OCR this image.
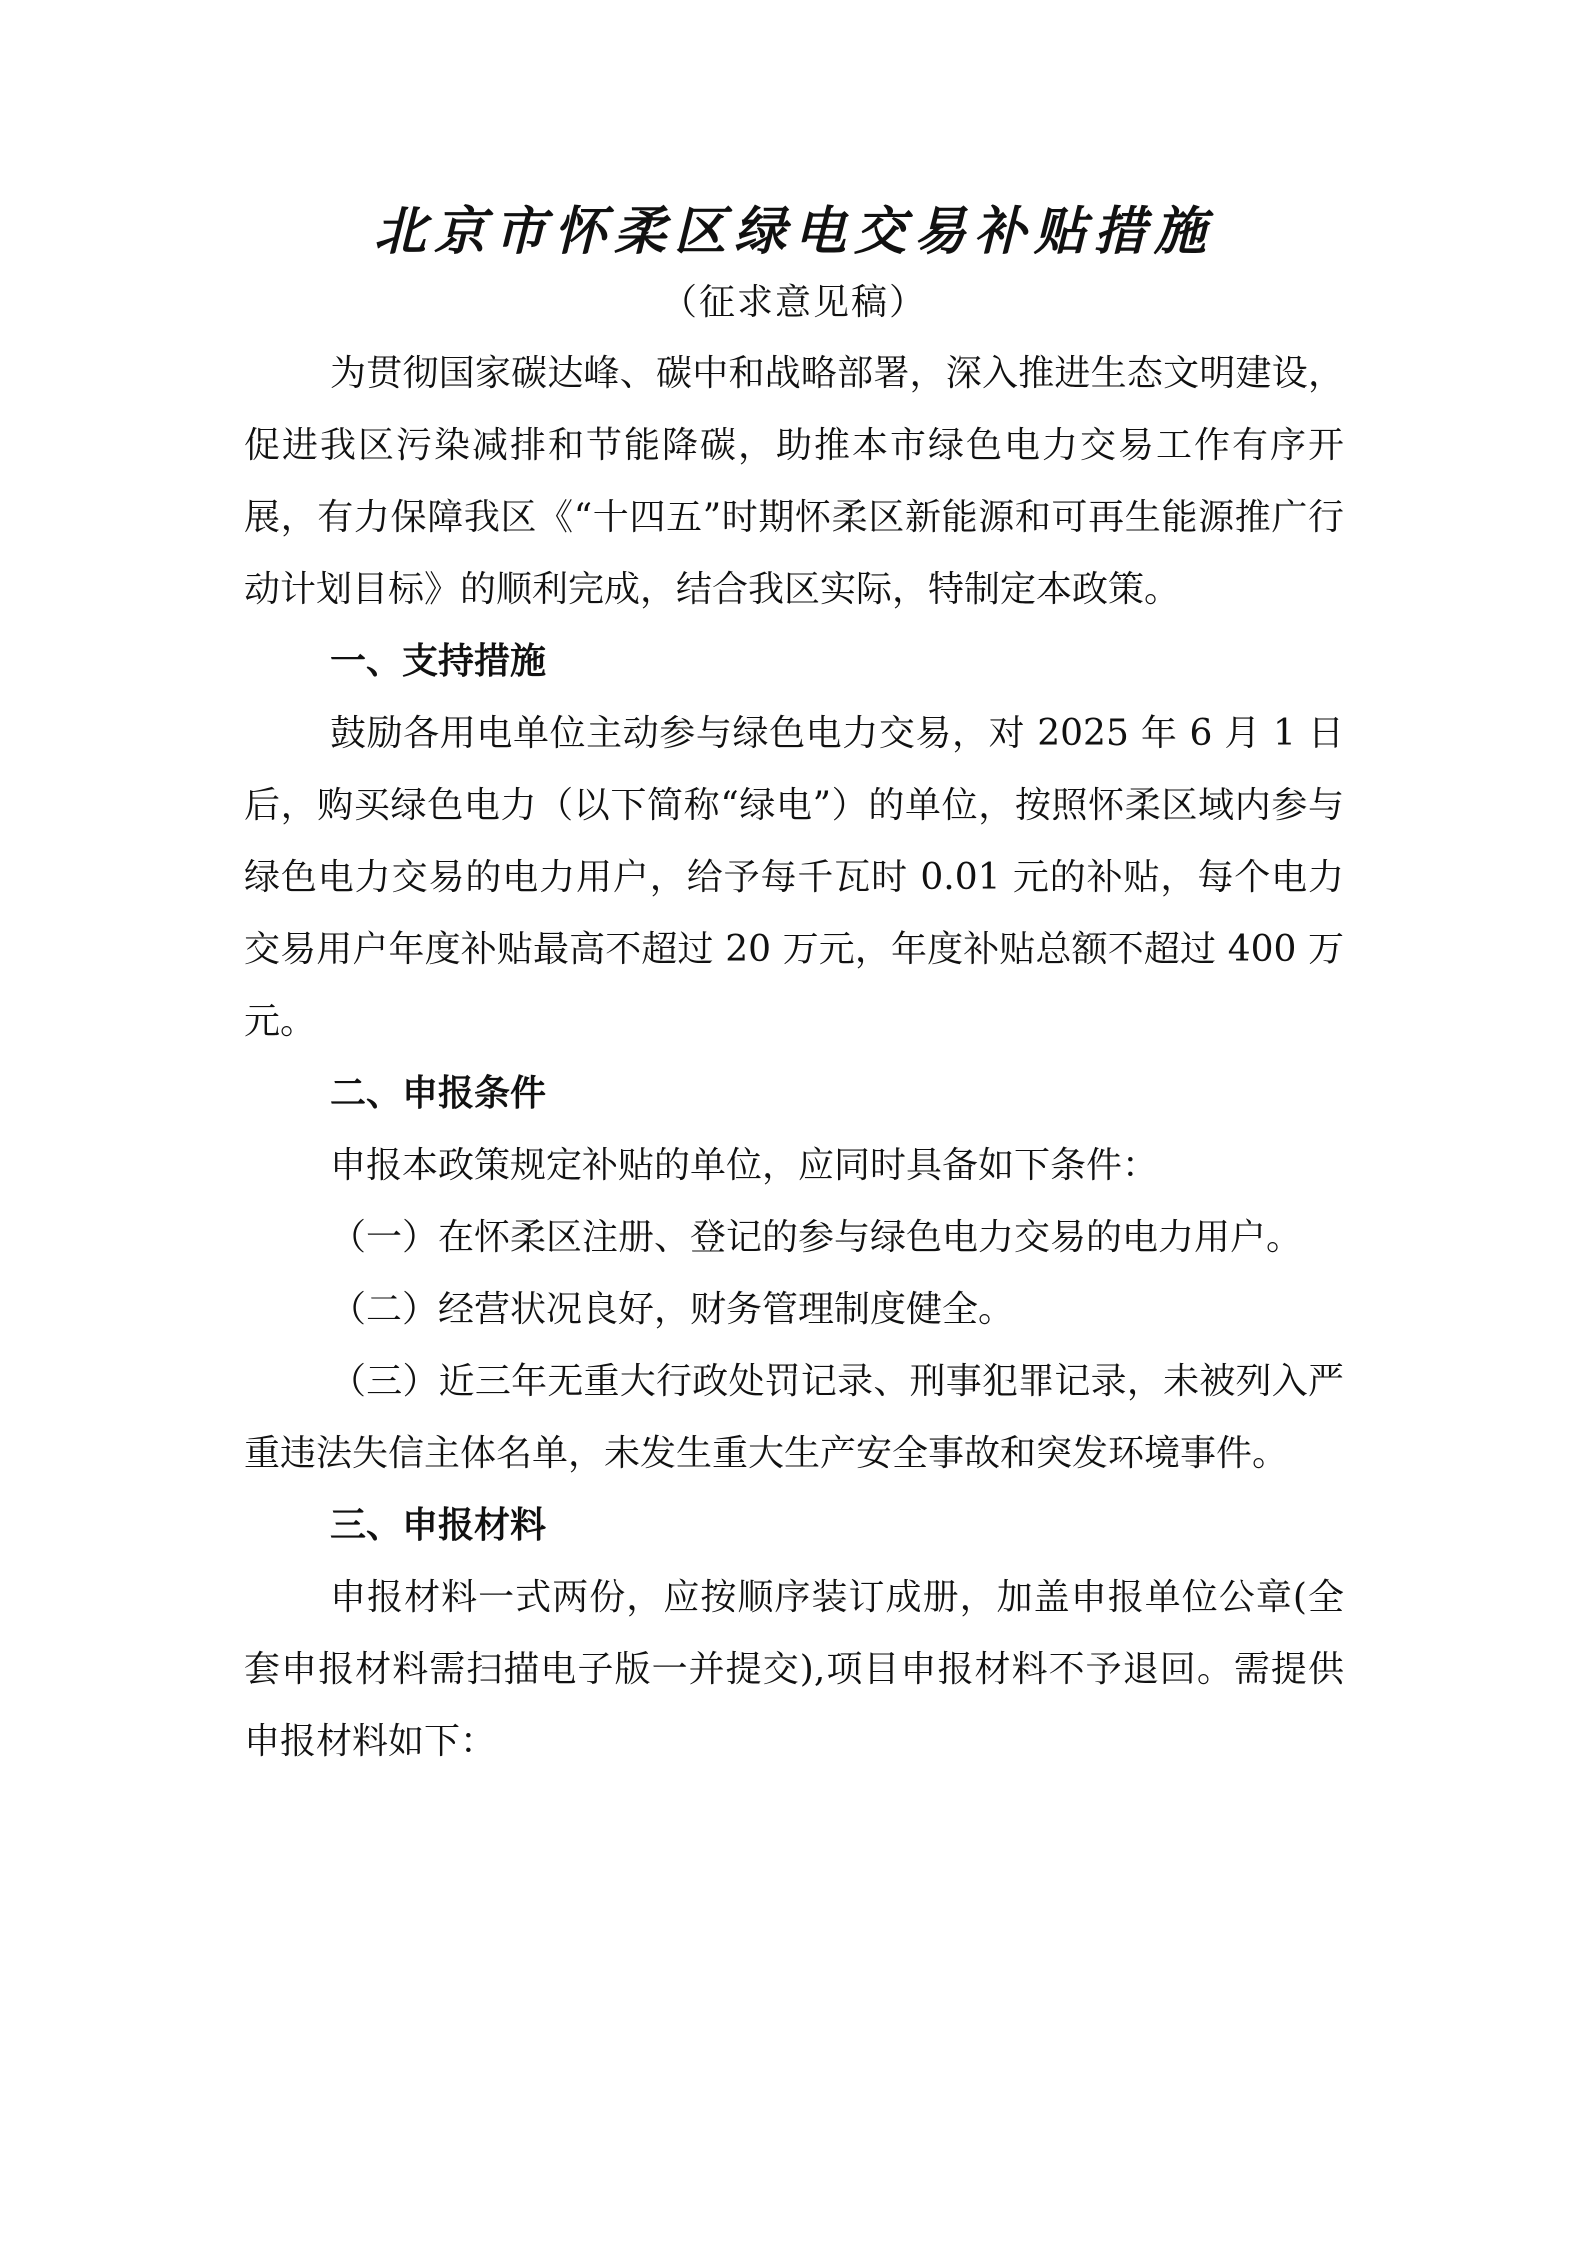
北京市怀柔区绿电交易补贴措施

（征求意见稿）

为贯彻国家碳达峰、碳中和战略部署，深入推进生态文明建设，促进我区污染减排和节能降碳，助推本市绿色电力交易工作有序开展，有力保障我区《“十四五”时期怀柔区新能源和可再生能源推广行动计划目标》的顺利完成，结合我区实际，特制定本政策。

一、支持措施

鼓励各用电单位主动参与绿色电力交易，对 2025 年 6 月 1 日后，购买绿色电力（以下简称“绿电”）的单位，按照怀柔区域内参与绿色电力交易的电力用户，给予每千瓦时 0.01 元的补贴，每个电力交易用户年度补贴最高不超过 20 万元，年度补贴总额不超过 400 万元。

二、申报条件

申报本政策规定补贴的单位，应同时具备如下条件：

（一）在怀柔区注册、登记的参与绿色电力交易的电力用户。

（二）经营状况良好，财务管理制度健全。

（三）近三年无重大行政处罚记录、刑事犯罪记录，未被列入严重违法失信主体名单，未发生重大生产安全事故和突发环境事件。

三、申报材料

申报材料一式两份，应按顺序装订成册，加盖申报单位公章(全套申报材料需扫描电子版一并提交),项目申报材料不予退回。需提供申报材料如下：
